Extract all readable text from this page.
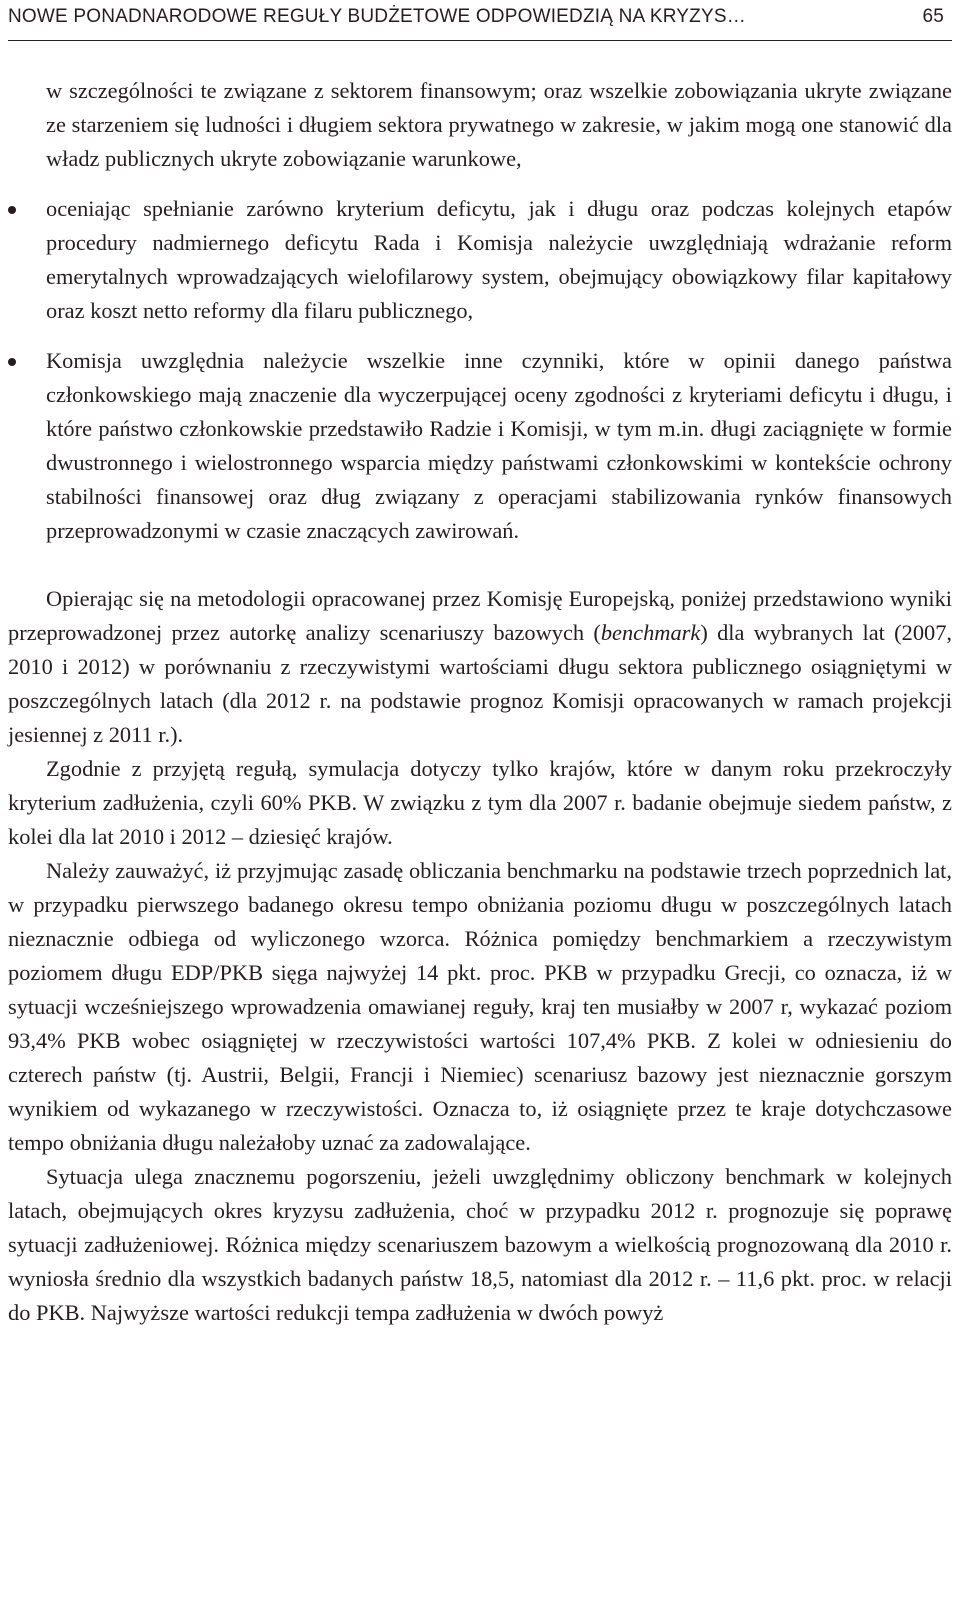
NOWE PONADNARODOWE REGUŁY BUDŻETOWE ODPOWIEDZIĄ NA KRYZYS…	65

w szczególności te związane z sektorem finansowym; oraz wszelkie zobowiązania ukryte związane ze starzeniem się ludności i długiem sektora prywatnego w zakresie, w jakim mogą one stanowić dla władz publicznych ukryte zobowiązanie warunkowe,

oceniając spełnianie zarówno kryterium deficytu, jak i długu oraz podczas kolejnych etapów procedury nadmiernego deficytu Rada i Komisja należycie uwzględniają wdrażanie reform emerytalnych wprowadzających wielofilarowy system, obejmujący obowiązkowy filar kapitałowy oraz koszt netto reformy dla filaru publicznego,

Komisja uwzględnia należycie wszelkie inne czynniki, które w opinii danego państwa członkowskiego mają znaczenie dla wyczerpującej oceny zgodności z kryteriami deficytu i długu, i które państwo członkowskie przedstawiło Radzie i Komisji, w tym m.in. długi zaciągnięte w formie dwustronnego i wielostronnego wsparcia między państwami członkowskimi w kontekście ochrony stabilności finansowej oraz dług związany z operacjami stabilizowania rynków finansowych przeprowadzonymi w czasie znaczących zawirowań.

Opierając się na metodologii opracowanej przez Komisję Europejską, poniżej przedstawiono wyniki przeprowadzonej przez autorkę analizy scenariuszy bazowych (benchmark) dla wybranych lat (2007, 2010 i 2012) w porównaniu z rzeczywistymi wartościami długu sektora publicznego osiągniętymi w poszczególnych latach (dla 2012 r. na podstawie prognoz Komisji opracowanych w ramach projekcji jesiennej z 2011 r.).

Zgodnie z przyjętą regułą, symulacja dotyczy tylko krajów, które w danym roku przekroczyły kryterium zadłużenia, czyli 60% PKB. W związku z tym dla 2007 r. badanie obejmuje siedem państw, z kolei dla lat 2010 i 2012 – dziesięć krajów.

Należy zauważyć, iż przyjmując zasadę obliczania benchmarku na podstawie trzech poprzednich lat, w przypadku pierwszego badanego okresu tempo obniżania poziomu długu w poszczególnych latach nieznacznie odbiega od wyliczonego wzorca. Różnica pomiędzy benchmarkiem a rzeczywistym poziomem długu EDP/PKB sięga najwyżej 14 pkt. proc. PKB w przypadku Grecji, co oznacza, iż w sytuacji wcześniejszego wprowadzenia omawianej reguły, kraj ten musiałby w 2007 r, wykazać poziom 93,4% PKB wobec osiągniętej w rzeczywistości wartości 107,4% PKB. Z kolei w odniesieniu do czterech państw (tj. Austrii, Belgii, Francji i Niemiec) scenariusz bazowy jest nieznacznie gorszym wynikiem od wykazanego w rzeczywistości. Oznacza to, iż osiągnięte przez te kraje dotychczasowe tempo obniżania długu należałoby uznać za zadowalające.

Sytuacja ulega znacznemu pogorszeniu, jeżeli uwzględnimy obliczony benchmark w kolejnych latach, obejmujących okres kryzysu zadłużenia, choć w przypadku 2012 r. prognozuje się poprawę sytuacji zadłużeniowej. Różnica między scenariuszem bazowym a wielkością prognozowaną dla 2010 r. wyniosła średnio dla wszystkich badanych państw 18,5, natomiast dla 2012 r. – 11,6 pkt. proc. w relacji do PKB. Najwyższe wartości redukcji tempa zadłużenia w dwóch powyż
